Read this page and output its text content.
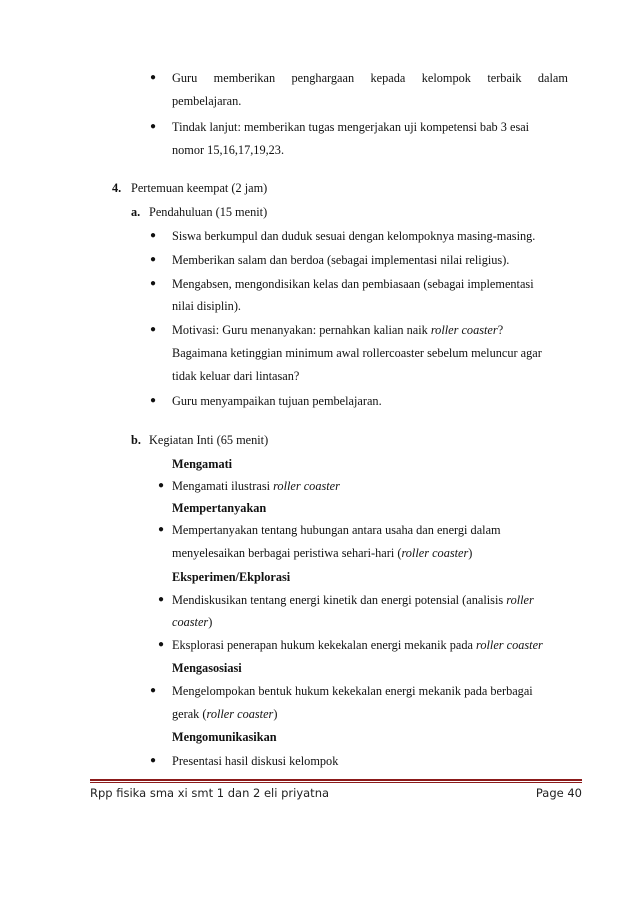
● Guru memberikan penghargaan kepada kelompok terbaik dalam
pembelajaran.
● Tindak lanjut: memberikan tugas mengerjakan uji kompetensi bab 3 esai
nomor 15,16,17,19,23.
4. Pertemuan keempat (2 jam)
a. Pendahuluan (15 menit)
● Siswa berkumpul dan duduk sesuai dengan kelompoknya masing-masing.
● Memberikan salam dan berdoa (sebagai implementasi nilai religius).
● Mengabsen, mengondisikan kelas dan pembiasaan (sebagai implementasi
nilai disiplin).
● Motivasi: Guru menanyakan: pernahkan kalian naik roller coaster?
Bagaimana ketinggian minimum awal rollercoaster sebelum meluncur agar
tidak keluar dari lintasan?
● Guru menyampaikan tujuan pembelajaran.
b. Kegiatan Inti (65 menit)
Mengamati
● Mengamati ilustrasi roller coaster
Mempertanyakan
● Mempertanyakan tentang hubungan antara usaha dan energi dalam
menyelesaikan berbagai peristiwa sehari-hari (roller coaster)
Eksperimen/Ekplorasi
● Mendiskusikan tentang energi kinetik dan energi potensial (analisis roller
coaster)
● Eksplorasi penerapan hukum kekekalan energi mekanik pada roller coaster
Mengasosiasi
● Mengelompokan bentuk hukum kekekalan energi mekanik pada berbagai
gerak (roller coaster)
Mengomunikasikan
● Presentasi hasil diskusi kelompok
Rpp fisika sma xi smt 1 dan 2 eli priyatna	Page 40
